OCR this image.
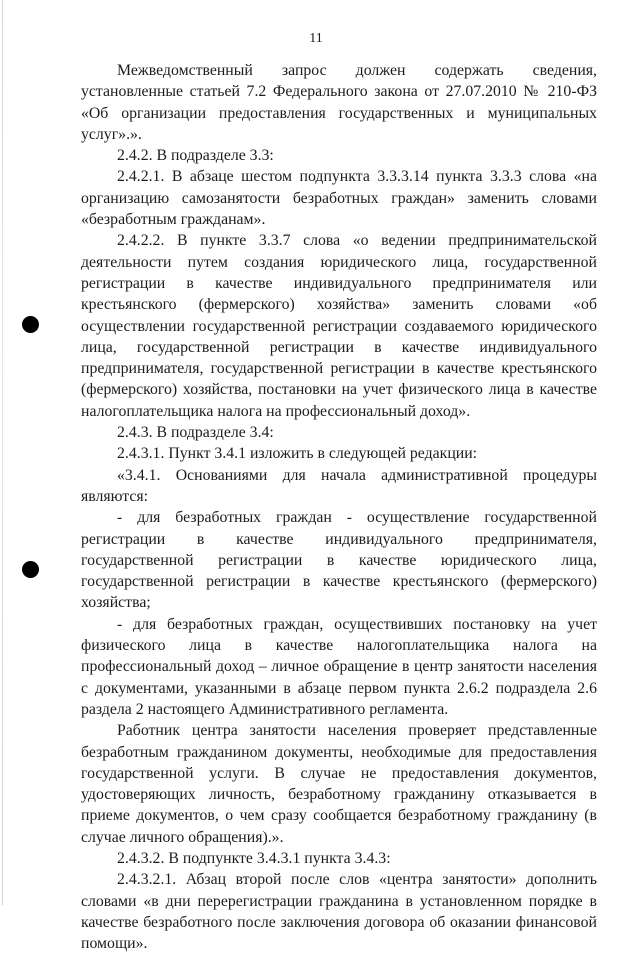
11

Межведомственный запрос должен содержать сведения, установленные статьей 7.2 Федерального закона от 27.07.2010 № 210-ФЗ «Об организации предоставления государственных и муниципальных услуг».».

2.4.2. В подразделе 3.3:

2.4.2.1. В абзаце шестом подпункта 3.3.3.14 пункта 3.3.3 слова «на организацию самозанятости безработных граждан» заменить словами «безработным гражданам».

2.4.2.2. В пункте 3.3.7 слова «о ведении предпринимательской деятельности путем создания юридического лица, государственной регистрации в качестве индивидуального предпринимателя или крестьянского (фермерского) хозяйства» заменить словами «об осуществлении государственной регистрации создаваемого юридического лица, государственной регистрации в качестве индивидуального предпринимателя, государственной регистрации в качестве крестьянского (фермерского) хозяйства, постановки на учет физического лица в качестве налогоплательщика налога на профессиональный доход».

2.4.3. В подразделе 3.4:

2.4.3.1. Пункт 3.4.1 изложить в следующей редакции:

«3.4.1. Основаниями для начала административной процедуры являются:

- для безработных граждан - осуществление государственной регистрации в качестве индивидуального предпринимателя, государственной регистрации в качестве юридического лица, государственной регистрации в качестве крестьянского (фермерского) хозяйства;

- для безработных граждан, осуществивших постановку на учет физического лица в качестве налогоплательщика налога на профессиональный доход – личное обращение в центр занятости населения с документами, указанными в абзаце первом пункта 2.6.2 подраздела 2.6 раздела 2 настоящего Административного регламента.

Работник центра занятости населения проверяет представленные безработным гражданином документы, необходимые для предоставления государственной услуги. В случае не предоставления документов, удостоверяющих личность, безработному гражданину отказывается в приеме документов, о чем сразу сообщается безработному гражданину (в случае личного обращения).».

2.4.3.2. В подпункте 3.4.3.1 пункта 3.4.3:

2.4.3.2.1. Абзац второй после слов «центра занятости» дополнить словами «в дни перерегистрации гражданина в установленном порядке в качестве безработного после заключения договора об оказании финансовой помощи».
